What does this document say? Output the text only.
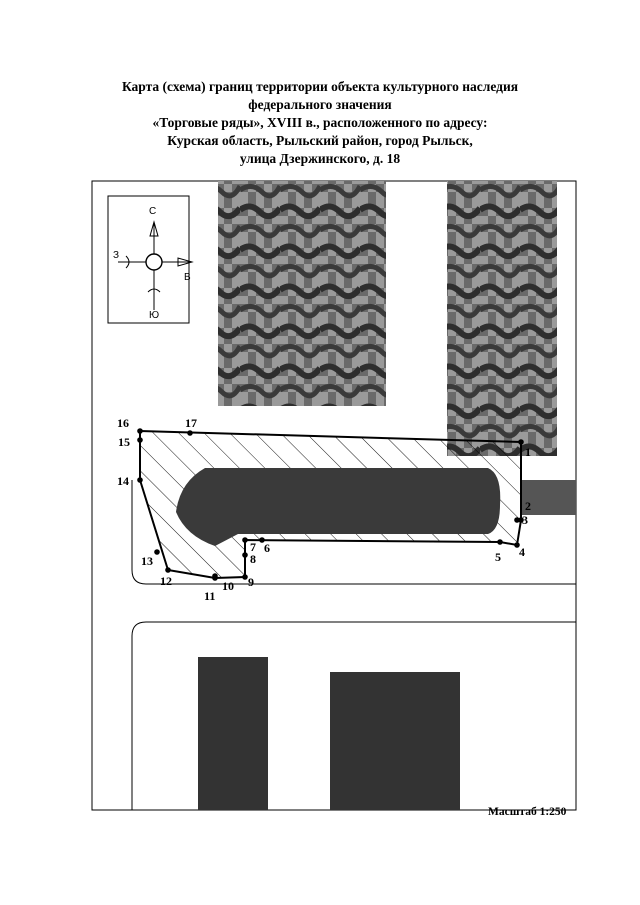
Карта (схема) границ территории объекта культурного наследия
федерального значения
«Торговые ряды», XVIII в., расположенного по адресу:
Курская область, Рыльский район, город Рыльск,
улица Дзержинского, д. 18
С
Ю
З
В
1
2
3
4
5
6
7
8
9
10
11
12
13
14
15
16	17
Масштаб 1:250
